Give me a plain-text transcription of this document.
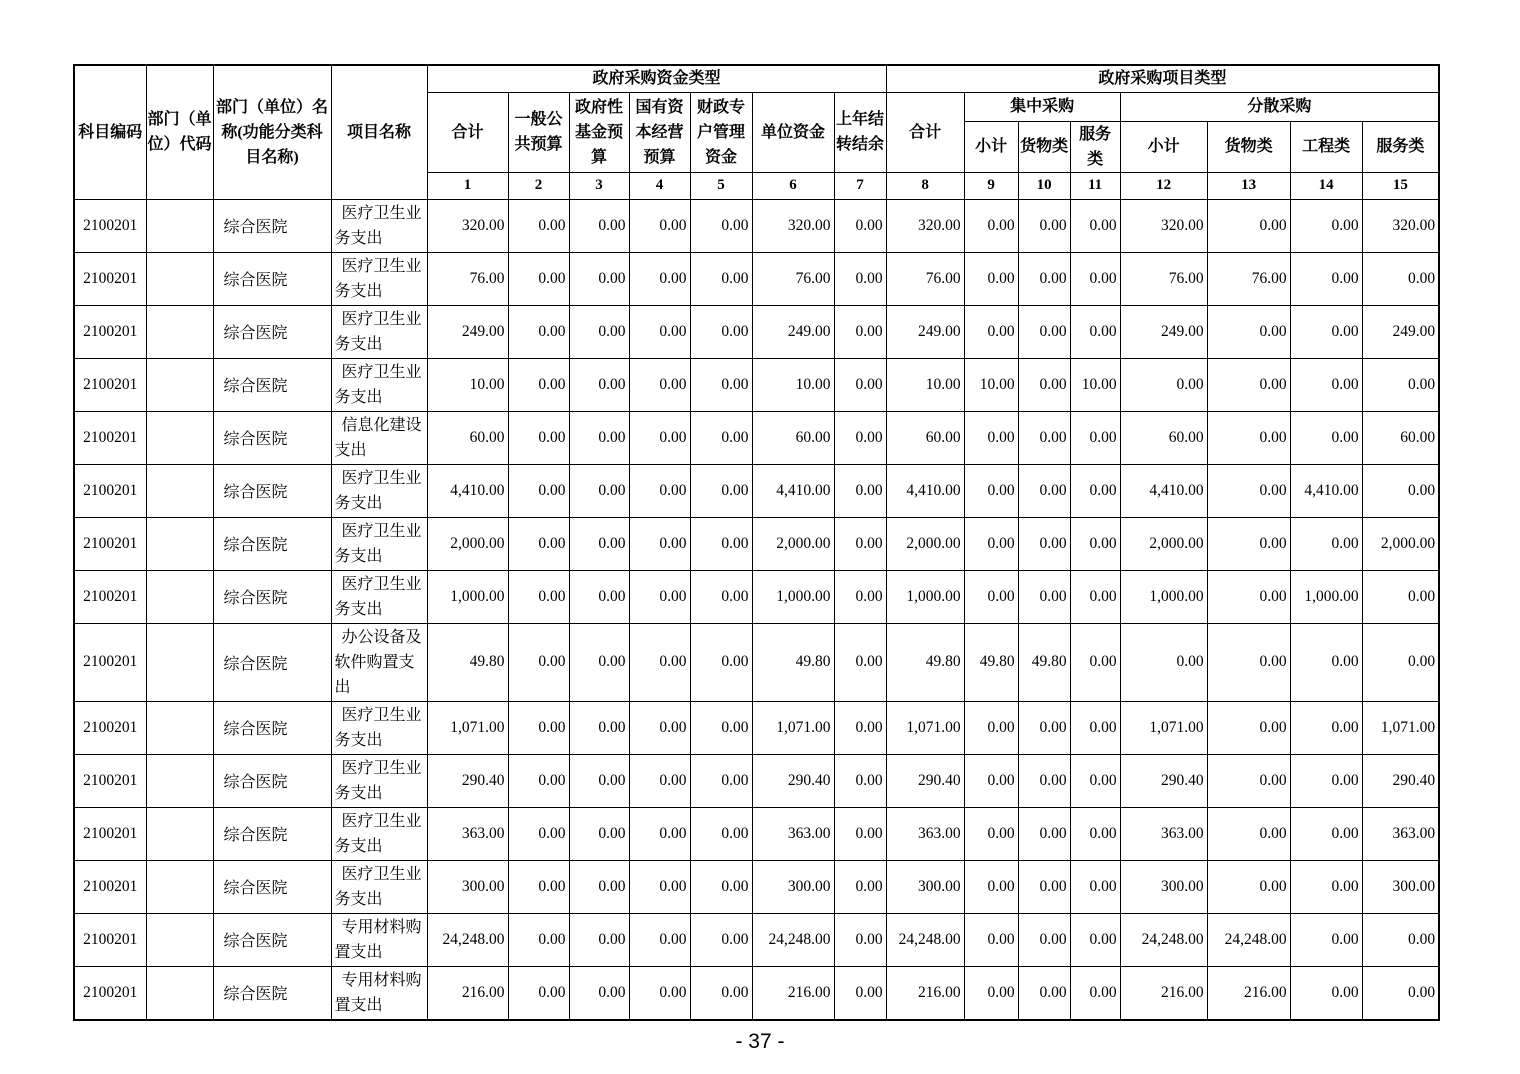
科目编码	部门（单位）代码	部门（单位）名称(功能分类科目名称)	项目名称	政府采购资金类型							政府采购项目类型							
				合计	一般公共预算	政府性基金预算	国有资本经营预算	财政专户管理资金	单位资金	上年结转结余	合计	集中采购			分散采购			
												小计	货物类	服务类	小计	货物类	工程类	服务类
				1	2	3	4	5	6	7	8	9	10	11	12	13	14	15
2100201		综合医院	医疗卫生业务支出	320.00	0.00	0.00	0.00	0.00	320.00	0.00	320.00	0.00	0.00	0.00	320.00	0.00	0.00	320.00
2100201		综合医院	医疗卫生业务支出	76.00	0.00	0.00	0.00	0.00	76.00	0.00	76.00	0.00	0.00	0.00	76.00	76.00	0.00	0.00
2100201		综合医院	医疗卫生业务支出	249.00	0.00	0.00	0.00	0.00	249.00	0.00	249.00	0.00	0.00	0.00	249.00	0.00	0.00	249.00
2100201		综合医院	医疗卫生业务支出	10.00	0.00	0.00	0.00	0.00	10.00	0.00	10.00	10.00	0.00	10.00	0.00	0.00	0.00	0.00
2100201		综合医院	信息化建设支出	60.00	0.00	0.00	0.00	0.00	60.00	0.00	60.00	0.00	0.00	0.00	60.00	0.00	0.00	60.00
2100201		综合医院	医疗卫生业务支出	4,410.00	0.00	0.00	0.00	0.00	4,410.00	0.00	4,410.00	0.00	0.00	0.00	4,410.00	0.00	4,410.00	0.00
2100201		综合医院	医疗卫生业务支出	2,000.00	0.00	0.00	0.00	0.00	2,000.00	0.00	2,000.00	0.00	0.00	0.00	2,000.00	0.00	0.00	2,000.00
2100201		综合医院	医疗卫生业务支出	1,000.00	0.00	0.00	0.00	0.00	1,000.00	0.00	1,000.00	0.00	0.00	0.00	1,000.00	0.00	1,000.00	0.00
2100201		综合医院	办公设备及软件购置支出	49.80	0.00	0.00	0.00	0.00	49.80	0.00	49.80	49.80	49.80	0.00	0.00	0.00	0.00	0.00
2100201		综合医院	医疗卫生业务支出	1,071.00	0.00	0.00	0.00	0.00	1,071.00	0.00	1,071.00	0.00	0.00	0.00	1,071.00	0.00	0.00	1,071.00
2100201		综合医院	医疗卫生业务支出	290.40	0.00	0.00	0.00	0.00	290.40	0.00	290.40	0.00	0.00	0.00	290.40	0.00	0.00	290.40
2100201		综合医院	医疗卫生业务支出	363.00	0.00	0.00	0.00	0.00	363.00	0.00	363.00	0.00	0.00	0.00	363.00	0.00	0.00	363.00
2100201		综合医院	医疗卫生业务支出	300.00	0.00	0.00	0.00	0.00	300.00	0.00	300.00	0.00	0.00	0.00	300.00	0.00	0.00	300.00
2100201		综合医院	专用材料购置支出	24,248.00	0.00	0.00	0.00	0.00	24,248.00	0.00	24,248.00	0.00	0.00	0.00	24,248.00	24,248.00	0.00	0.00
2100201		综合医院	专用材料购置支出	216.00	0.00	0.00	0.00	0.00	216.00	0.00	216.00	0.00	0.00	0.00	216.00	216.00	0.00	0.00
- 37 -
